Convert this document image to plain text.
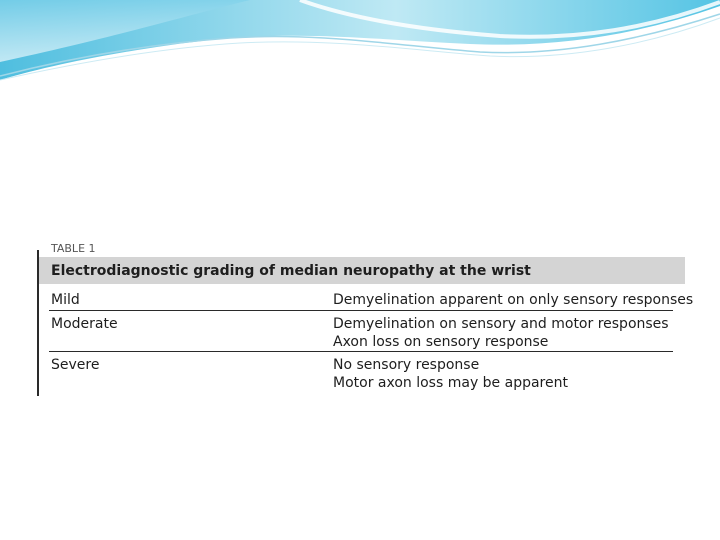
TABLE 1
Electrodiagnostic grading of median neuropathy at the wrist
Mild	Demyelination apparent on only sensory responses
Moderate	Demyelination on sensory and motor responses
Axon loss on sensory response
Severe	No sensory response
Motor axon loss may be apparent
